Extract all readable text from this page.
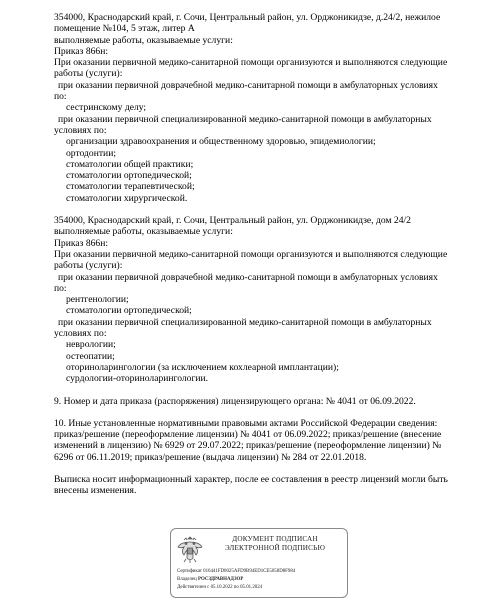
354000, Краснодарский край, г. Сочи, Центральный район, ул. Орджоникидзе, д.24/2, нежилое
помещение №104, 5 этаж, литер А
выполняемые работы, оказываемые услуги:
Приказ 866н:
При оказании первичной медико-санитарной помощи организуются и выполняются следующие
работы (услуги):
при оказании первичной доврачебной медико-санитарной помощи в амбулаторных условиях
по:
сестринскому делу;
при оказании первичной специализированной медико-санитарной помощи в амбулаторных
условиях по:
организации здравоохранения и общественному здоровью, эпидемиологии;
ортодонтии;
стоматологии общей практики;
стоматологии ортопедической;
стоматологии терапевтической;
стоматологии хирургической.
354000, Краснодарский край, г. Сочи, Центральный район, ул. Орджоникидзе, дом 24/2
выполняемые работы, оказываемые услуги:
Приказ 866н:
При оказании первичной медико-санитарной помощи организуются и выполняются следующие
работы (услуги):
при оказании первичной доврачебной медико-санитарной помощи в амбулаторных условиях
по:
рентгенологии;
стоматологии ортопедической;
при оказании первичной специализированной медико-санитарной помощи в амбулаторных
условиях по:
неврологии;
остеопатии;
оториноларингологии (за исключением кохлеарной имплантации);
сурдологии-оториноларингологии.
9. Номер и дата приказа (распоряжения) лицензирующего органа: № 4041 от 06.09.2022.
10. Иные установленные нормативными правовыми актами Российской Федерации сведения:
приказ/решение (переоформление лицензии) № 4041 от 06.09.2022; приказ/решение (внесение
изменений в лицензию) № 6929 от 29.07.2022; приказ/решение (переоформление лицензии) №
6296 от 06.11.2019; приказ/решение (выдача лицензии) № 284 от 22.01.2018.
Выписка носит информационный характер, после ее составления в реестр лицензий могли быть
внесены изменения.
ДОКУМЕНТ ПОДПИСАН
ЭЛЕКТРОННОЙ ПОДПИСЬЮ
Сертификат 016441FD0025AFD9B94ED1CE5058D8F984
Владелец РОСЗДРАВНАДЗОР
Действителен с 05.10.2022 по 05.01.2024
